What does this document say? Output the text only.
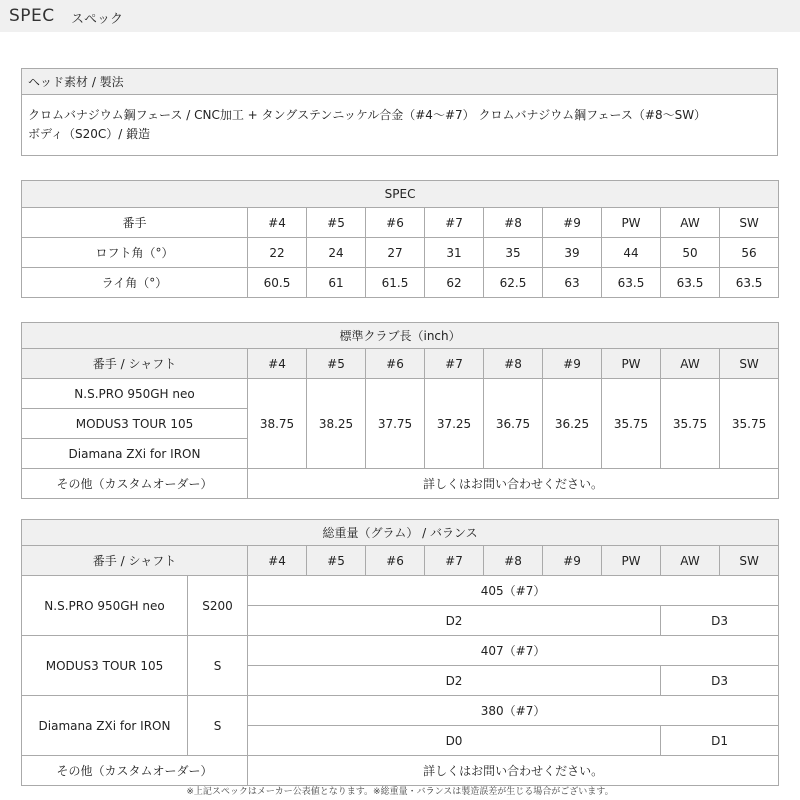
SPEC スペック
ヘッド素材 / 製法

クロムバナジウム鋼フェース / CNC加工 + タングステンニッケル合金（#4〜#7） クロムバナジウム鋼フェース（#8〜SW）
ボディ（S20C）/ 鍛造
SPEC									
番手	#4	#5	#6	#7	#8	#9	PW	AW	SW
ロフト角（°）	22	24	27	31	35	39	44	50	56
ライ角（°）	60.5	61	61.5	62	62.5	63	63.5	63.5	63.5
標準クラブ長（inch）									
番手 / シャフト	#4	#5	#6	#7	#8	#9	PW	AW	SW
N.S.PRO 950GH neo	38.75	38.25	37.75	37.25	36.75	36.25	35.75	35.75	35.75
MODUS3 TOUR 105									
Diamana ZXi for IRON									
その他（カスタムオーダー）	詳しくはお問い合わせください。								
総重量（グラム） / バランス										
番手 / シャフト		#4	#5	#6	#7	#8	#9	PW	AW	SW
N.S.PRO 950GH neo	S200	405（#7）								
		D2							D3	
MODUS3 TOUR 105	S	407（#7）								
		D2							D3	
Diamana ZXi for IRON	S	380（#7）								
		D0							D1	
その他（カスタムオーダー）		詳しくはお問い合わせください。								
※上記スペックはメーカー公表値となります。※総重量・バランスは製造誤差が生じる場合がございます。
